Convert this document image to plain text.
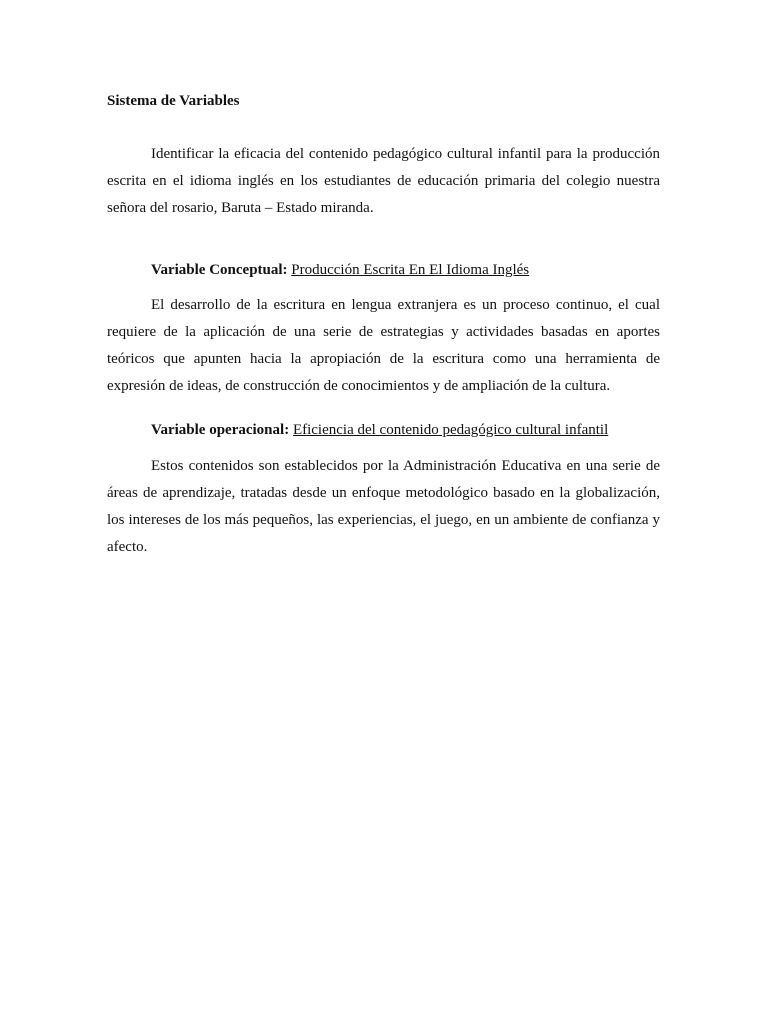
Sistema de Variables

Identificar la eficacia del contenido pedagógico cultural infantil para la producción escrita en el idioma inglés en los estudiantes de educación primaria del colegio nuestra señora del rosario, Baruta – Estado miranda.

Variable Conceptual: Producción Escrita En El Idioma Inglés

El desarrollo de la escritura en lengua extranjera es un proceso continuo, el cual requiere de la aplicación de una serie de estrategias y actividades basadas en aportes teóricos que apunten hacia la apropiación de la escritura como una herramienta de expresión de ideas, de construcción de conocimientos y de ampliación de la cultura.

Variable operacional: Eficiencia del contenido pedagógico cultural infantil

Estos contenidos son establecidos por la Administración Educativa en una serie de áreas de aprendizaje, tratadas desde un enfoque metodológico basado en la globalización, los intereses de los más pequeños, las experiencias, el juego, en un ambiente de confianza y afecto.
